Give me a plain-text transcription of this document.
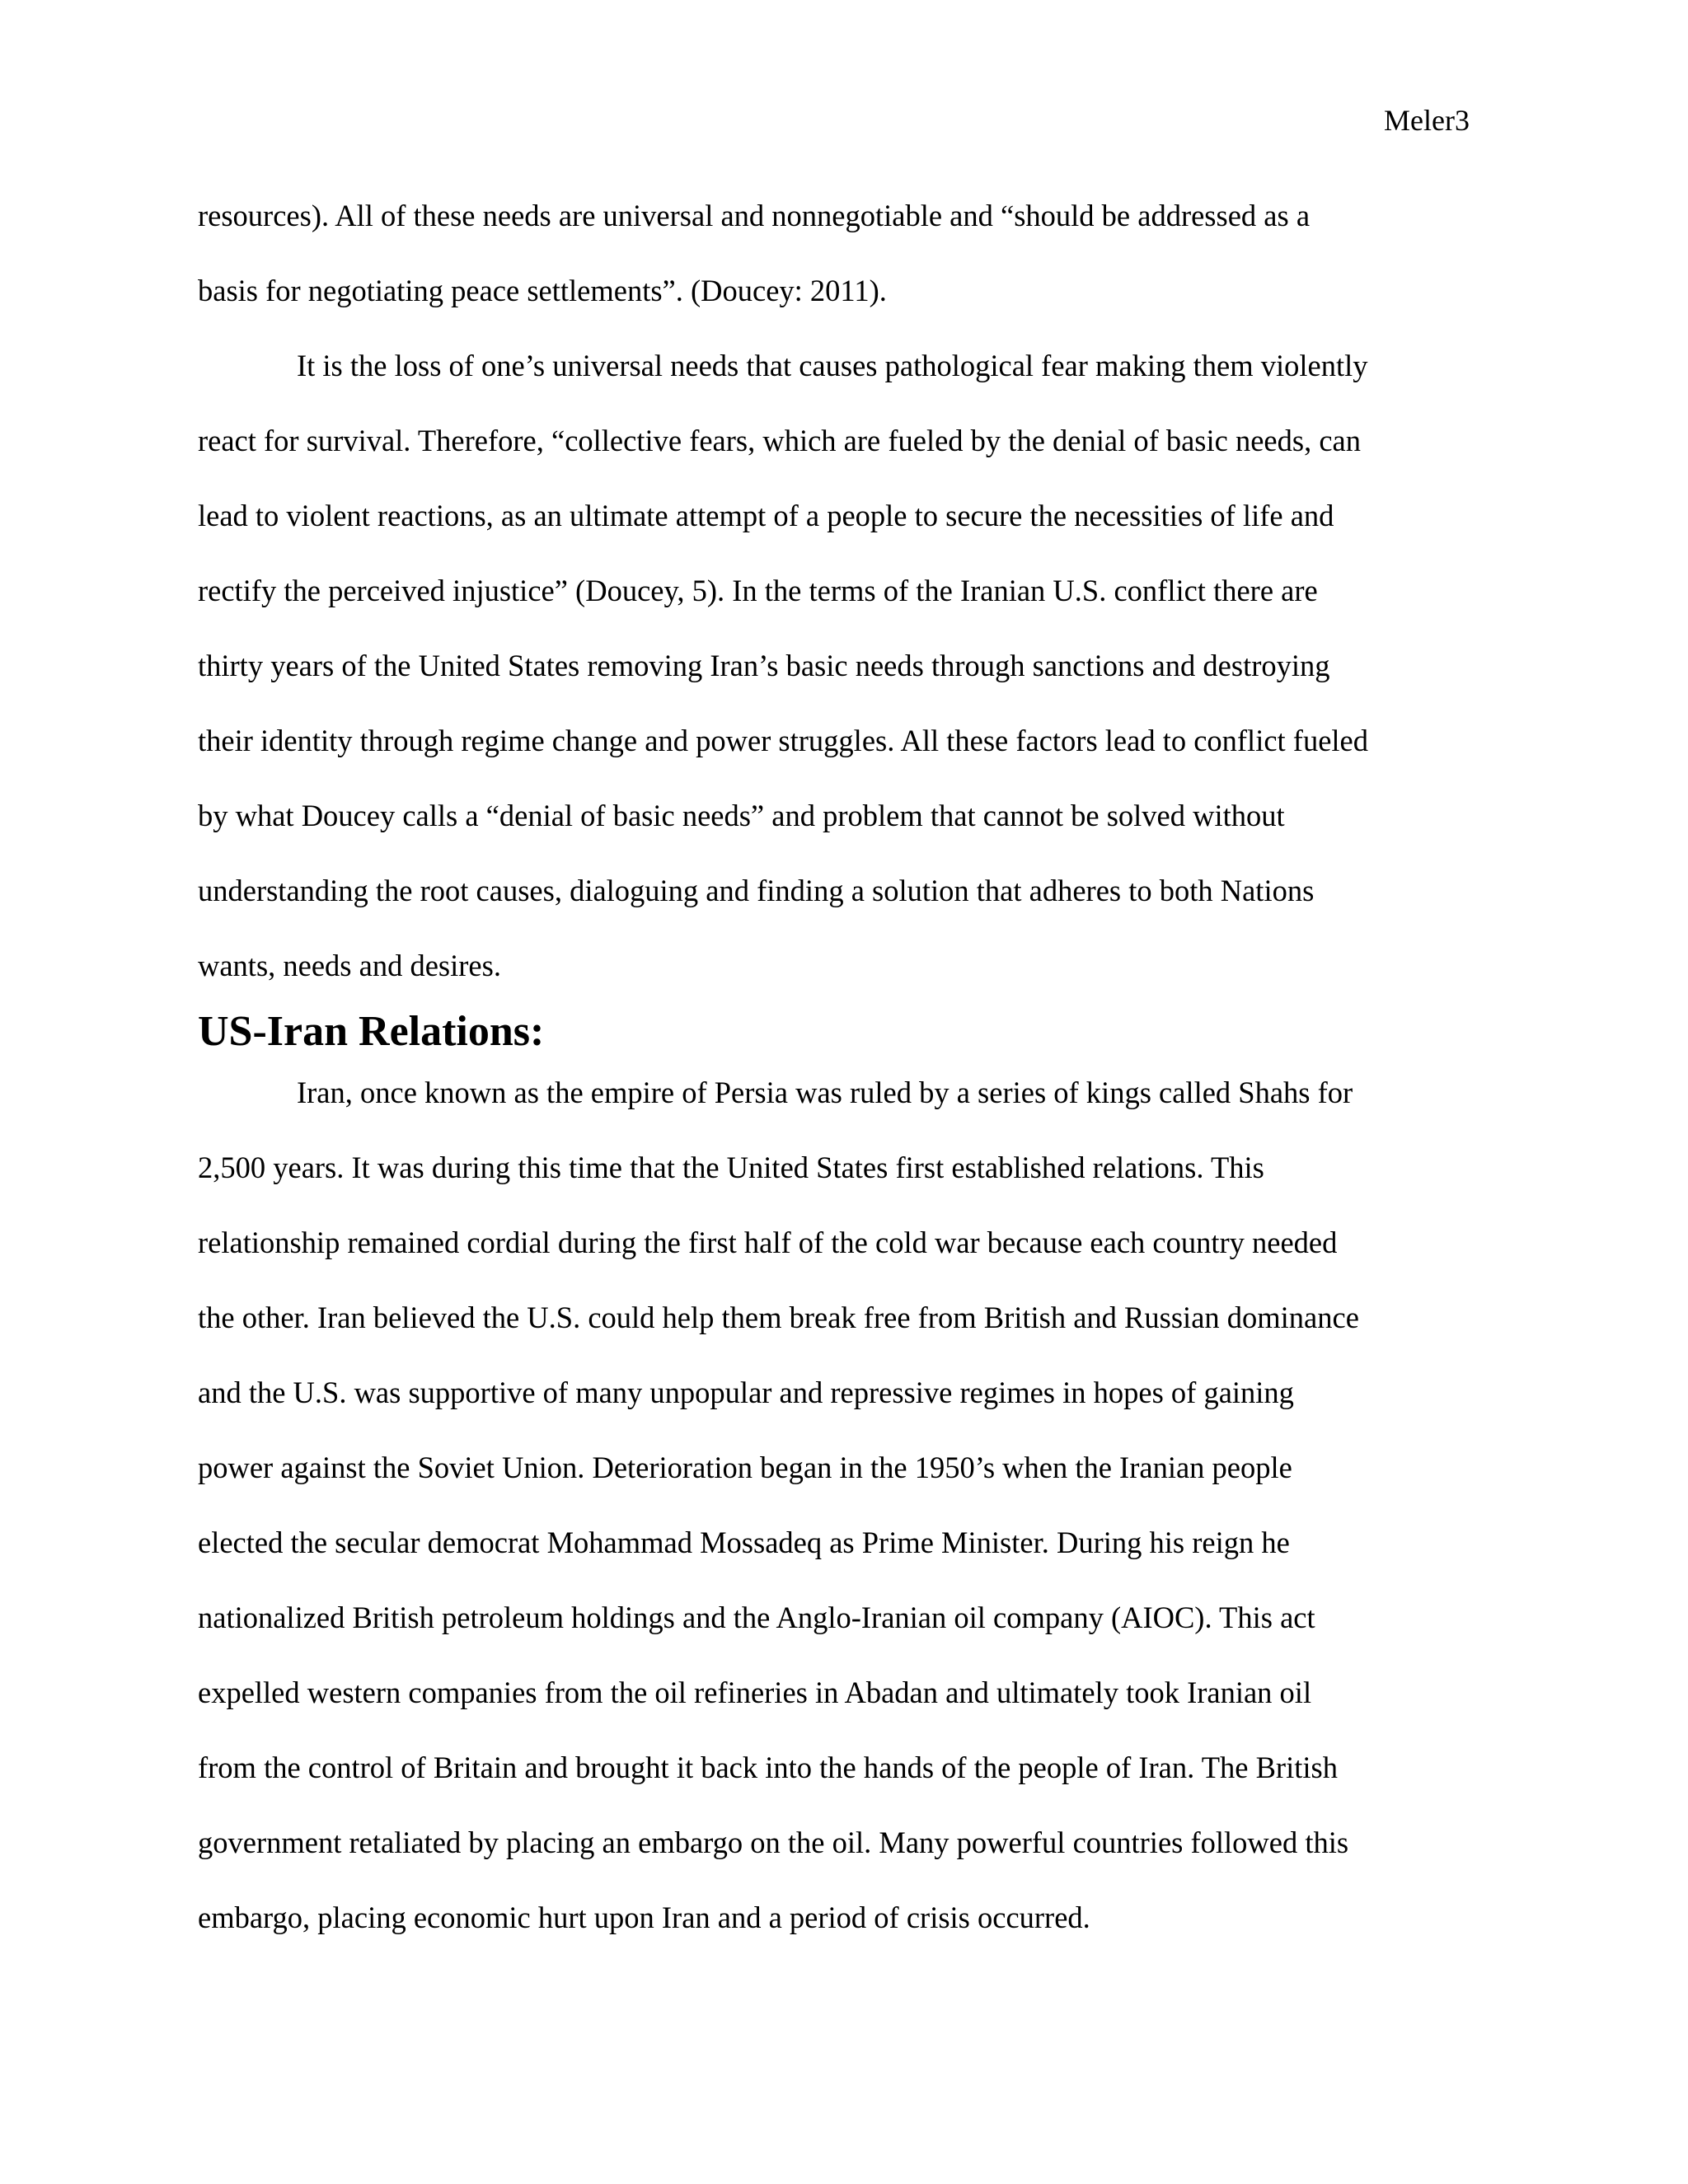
Meler3
resources). All of these needs are universal and nonnegotiable and “should be addressed as a
basis for negotiating peace settlements”. (Doucey: 2011).
It is the loss of one’s universal needs that causes pathological fear making them violently
react for survival. Therefore, “collective fears, which are fueled by the denial of basic needs, can
lead to violent reactions, as an ultimate attempt of a people to secure the necessities of life and
rectify the perceived injustice” (Doucey, 5). In the terms of the Iranian U.S. conflict there are
thirty years of the United States removing Iran’s basic needs through sanctions and destroying
their identity through regime change and power struggles. All these factors lead to conflict fueled
by what Doucey calls a “denial of basic needs” and problem that cannot be solved without
understanding the root causes, dialoguing and finding a solution that adheres to both Nations
wants, needs and desires.
US-Iran Relations:
Iran, once known as the empire of Persia was ruled by a series of kings called Shahs for
2,500 years. It was during this time that the United States first established relations. This
relationship remained cordial during the first half of the cold war because each country needed
the other. Iran believed the U.S. could help them break free from British and Russian dominance
and the U.S. was supportive of many unpopular and repressive regimes in hopes of gaining
power against the Soviet Union. Deterioration began in the 1950’s when the Iranian people
elected the secular democrat Mohammad Mossadeq as Prime Minister. During his reign he
nationalized British petroleum holdings and the Anglo-Iranian oil company (AIOC). This act
expelled western companies from the oil refineries in Abadan and ultimately took Iranian oil
from the control of Britain and brought it back into the hands of the people of Iran. The British
government retaliated by placing an embargo on the oil. Many powerful countries followed this
embargo, placing economic hurt upon Iran and a period of crisis occurred.
